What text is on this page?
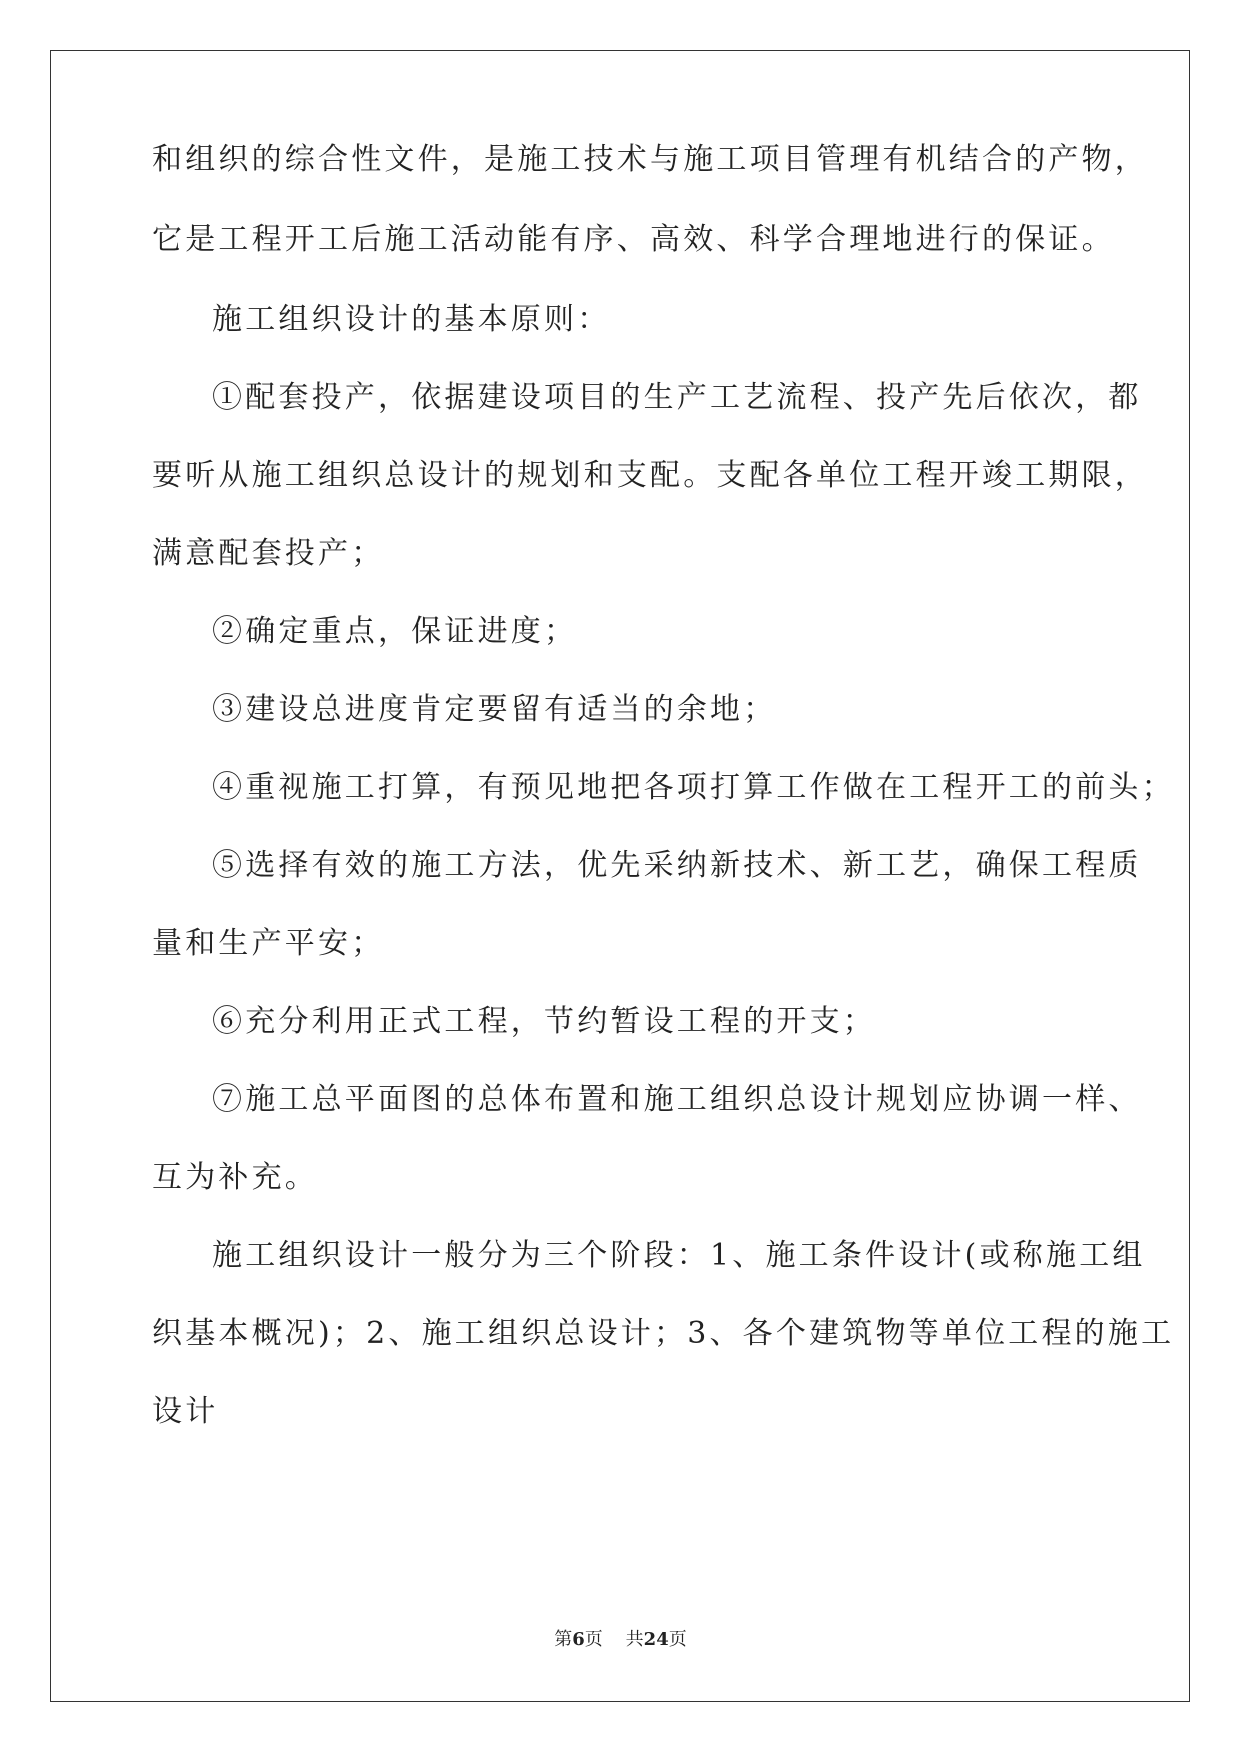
和组织的综合性文件，是施工技术与施工项目管理有机结合的产物，
它是工程开工后施工活动能有序、高效、科学合理地进行的保证。
施工组织设计的基本原则：
①配套投产，依据建设项目的生产工艺流程、投产先后依次，都
要听从施工组织总设计的规划和支配。支配各单位工程开竣工期限，
满意配套投产；
②确定重点，保证进度；
③建设总进度肯定要留有适当的余地；
④重视施工打算，有预见地把各项打算工作做在工程开工的前头；
⑤选择有效的施工方法，优先采纳新技术、新工艺，确保工程质
量和生产平安；
⑥充分利用正式工程，节约暂设工程的开支；
⑦施工总平面图的总体布置和施工组织总设计规划应协调一样、
互为补充。
施工组织设计一般分为三个阶段：1、施工条件设计(或称施工组
织基本概况)；2、施工组织总设计；3、各个建筑物等单位工程的施工
设计
第6页 共24页
